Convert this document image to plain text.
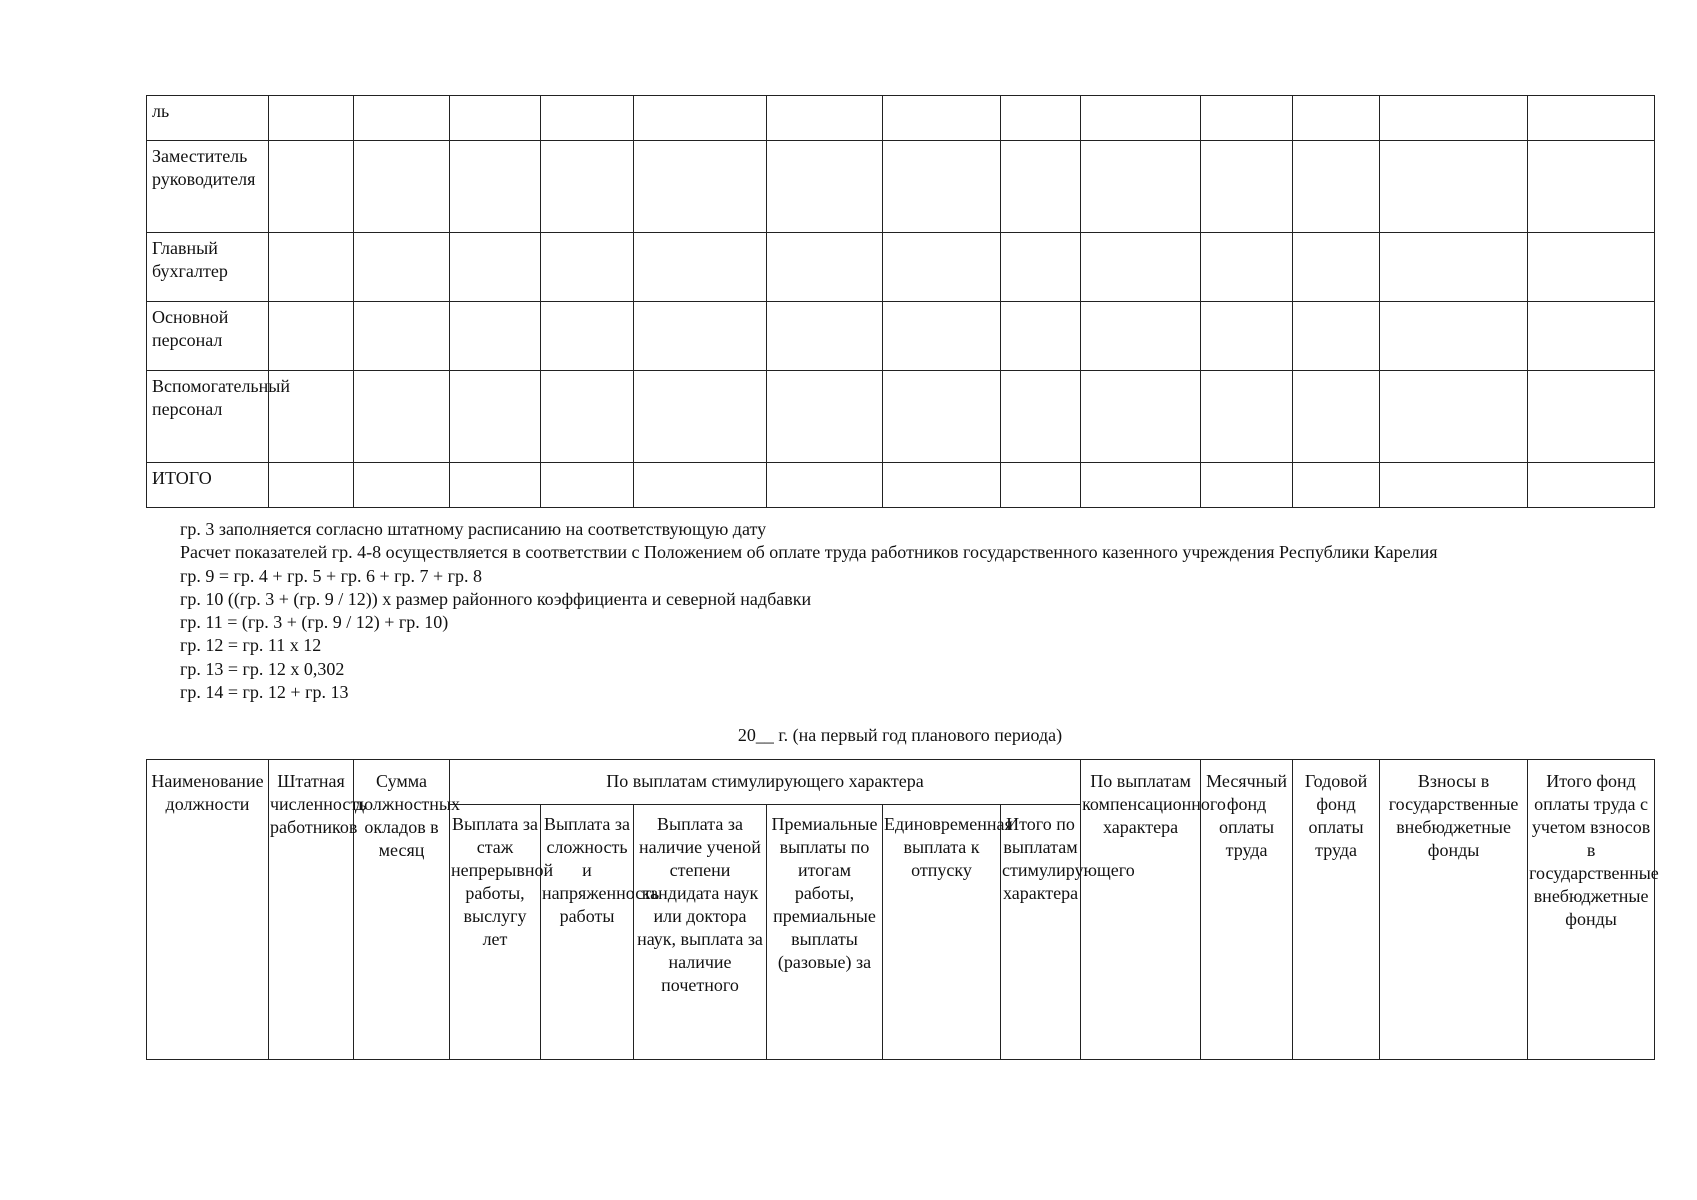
ль													
Заместитель руководителя													
Главный бухгалтер													
Основной персонал													
Вспомогательный персонал													
ИТОГО													
гр. 3 заполняется согласно штатному расписанию на соответствующую дату
Расчет показателей гр. 4-8 осуществляется в соответствии с Положением об оплате труда работников государственного казенного учреждения Республики Карелия
гр. 9 = гр. 4 + гр. 5 + гр. 6 + гр. 7 + гр. 8
гр. 10 ((гр. 3 + (гр. 9 / 12)) x размер районного коэффициента и северной надбавки
гр. 11 = (гр. 3 + (гр. 9 / 12) + гр. 10)
гр. 12 = гр. 11 x 12
гр. 13 = гр. 12 x 0,302
гр. 14 = гр. 12 + гр. 13
20__ г. (на первый год планового периода)
Наименование должности	Штатная численность работников	Сумма должностных окладов в месяц	По выплатам стимулирующего характера						По выплатам компенсационного характера	Месячный фонд оплаты труда	Годовой фонд оплаты труда	Взносы в государственные внебюджетные фонды	Итого фонд оплаты труда с учетом взносов в государственные внебюджетные фонды
			Выплата за стаж непрерывной работы, выслугу лет	Выплата за сложность и напряженность работы	Выплата за наличие ученой степени кандидата наук или доктора наук, выплата за наличие почетного	Премиальные выплаты по итогам работы, премиальные выплаты (разовые) за	Единовременная выплата к отпуску	Итого по выплатам стимулирующего характера					
